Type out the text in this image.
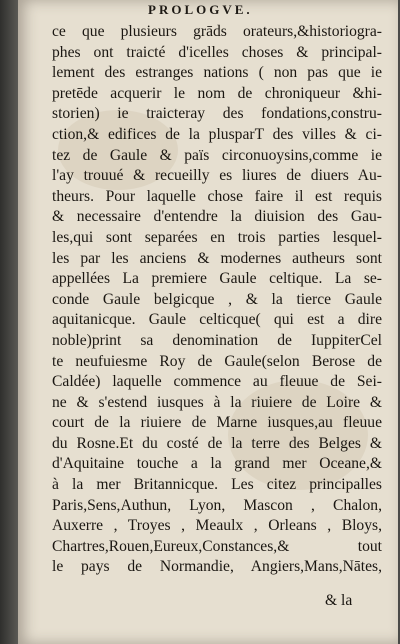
PROLOGVE.
ce que plusieurs grāds orateurs,&historiogra-
phes ont traicté d'icelles choses & principal-
lement des estranges nations ( non pas que ie
pretēde acquerir le nom de chroniqueur &hi-
storien) ie traicteray des fondations,constru-
ction,& edifices de la plusparT des villes & ci-
tez de Gaule & païs circonuoysins,comme ie
l'ay trouué & recueilly es liures de diuers Au-
theurs. Pour laquelle chose faire il est requis
& necessaire d'entendre la diuision des Gau-
les,qui sont separées en trois parties lesquel-
les par les anciens & modernes autheurs sont
appellées La premiere Gaule celtique. La se-
conde Gaule belgicque , & la tierce Gaule
aquitanicque. Gaule celticque( qui est a dire
noble)print sa denomination de IuppiterCel
te neufuiesme Roy de Gaule(selon Berose de
Caldée) laquelle commence au fleuue de Sei-
ne & s'estend iusques à la riuiere de Loire &
court de la riuiere de Marne iusques,au fleuue
du Rosne.Et du costé de la terre des Belges &
d'Aquitaine touche a la grand mer Oceane,&
à la mer Britannicque. Les citez principalles
Paris,Sens,Authun, Lyon, Mascon , Chalon,
Auxerre , Troyes , Meaulx , Orleans , Bloys,
Chartres,Rouen,Eureux,Constances,& tout
le pays de Normandie, Angiers,Mans,Nātes,
& la
